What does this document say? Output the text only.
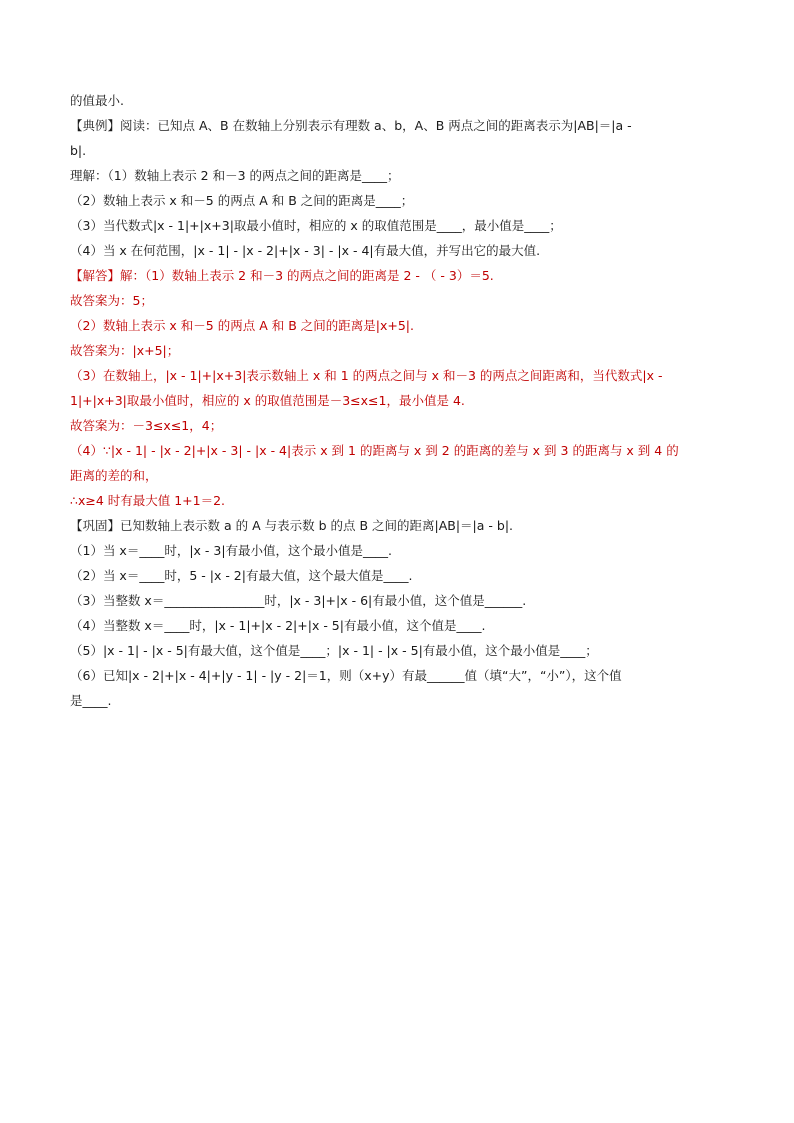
的值最小.
【典例】阅读：已知点 A、B 在数轴上分别表示有理数 a、b，A、B 两点之间的距离表示为|AB|＝|a -
b|.
理解：（1）数轴上表示 2 和－3 的两点之间的距离是____；
（2）数轴上表示 x 和－5 的两点 A 和 B 之间的距离是____；
（3）当代数式|x - 1|+|x+3|取最小值时，相应的 x 的取值范围是____，最小值是____；
（4）当 x 在何范围，|x - 1| - |x - 2|+|x - 3| - |x - 4|有最大值，并写出它的最大值.
【解答】解：（1）数轴上表示 2 和－3 的两点之间的距离是 2 - （ - 3）＝5.
故答案为：5；
（2）数轴上表示 x 和－5 的两点 A 和 B 之间的距离是|x+5|.
故答案为：|x+5|；
（3）在数轴上，|x - 1|+|x+3|表示数轴上 x 和 1 的两点之间与 x 和－3 的两点之间距离和，当代数式|x -
1|+|x+3|取最小值时，相应的 x 的取值范围是－3≤x≤1，最小值是 4.
故答案为：－3≤x≤1，4；
（4）∵|x - 1| - |x - 2|+|x - 3| - |x - 4|表示 x 到 1 的距离与 x 到 2 的距离的差与 x 到 3 的距离与 x 到 4 的
距离的差的和，
∴x≥4 时有最大值 1+1＝2.
【巩固】已知数轴上表示数 a 的 A 与表示数 b 的点 B 之间的距离|AB|＝|a - b|.
（1）当 x＝____时，|x - 3|有最小值，这个最小值是____.
（2）当 x＝____时，5 - |x - 2|有最大值，这个最大值是____.
（3）当整数 x＝________________时，|x - 3|+|x - 6|有最小值，这个值是______.
（4）当整数 x＝____时，|x - 1|+|x - 2|+|x - 5|有最小值，这个值是____.
（5）|x - 1| - |x - 5|有最大值，这个值是____；|x - 1| - |x - 5|有最小值，这个最小值是____；
（6）已知|x - 2|+|x - 4|+|y - 1| - |y - 2|＝1，则（x+y）有最______值（填“大”，“小”），这个值
是____.
